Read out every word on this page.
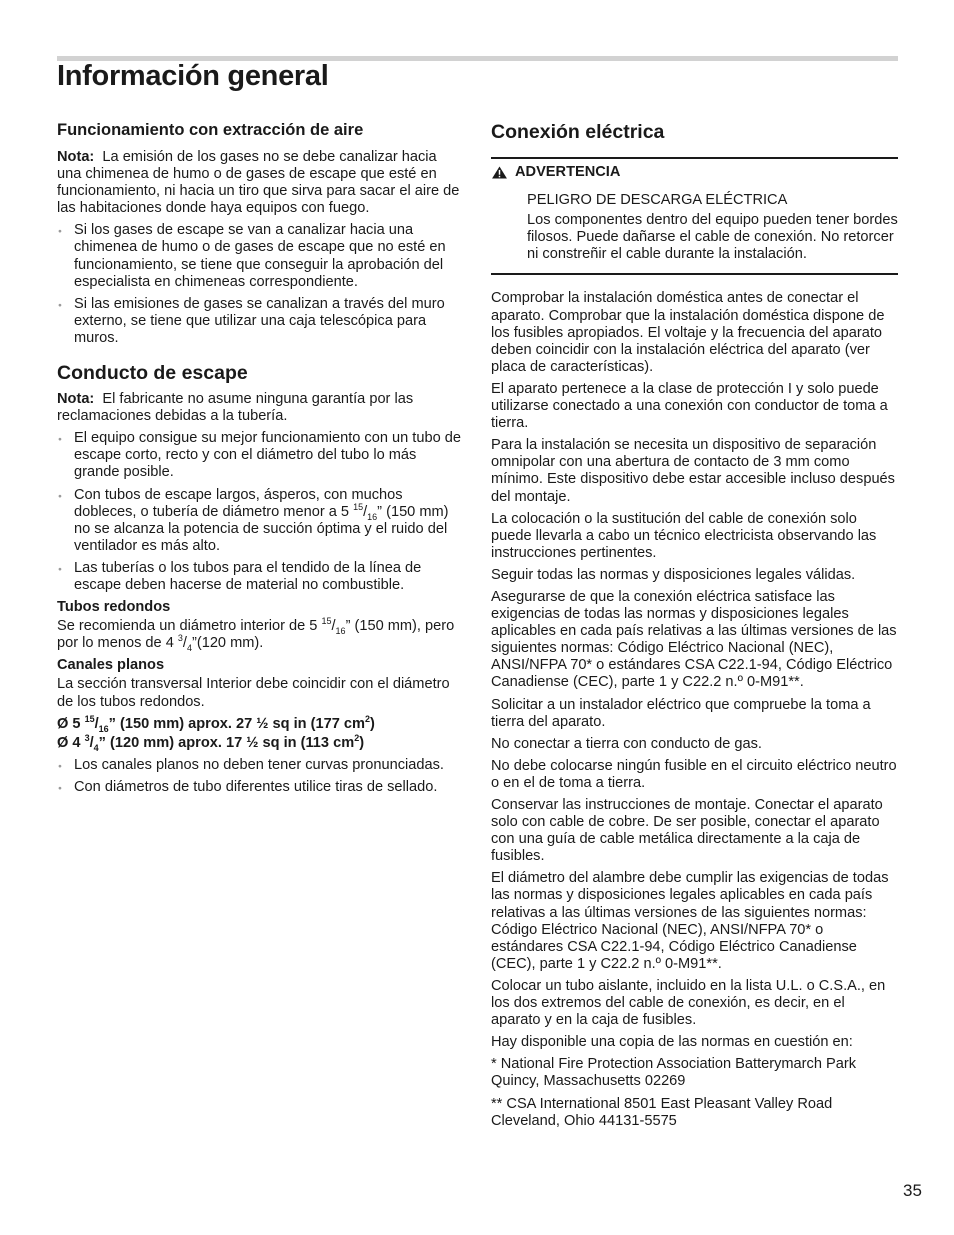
Información general
Funcionamiento con extracción de aire

Nota: La emisión de los gases no se debe canalizar hacia una chimenea de humo o de gases de escape que esté en funcionamiento, ni hacia un tiro que sirva para sacar el aire de las habitaciones donde haya equipos con fuego.

● Si los gases de escape se van a canalizar hacia una chimenea de humo o de gases de escape que no esté en funcionamiento, se tiene que conseguir la aprobación del especialista en chimeneas correspondiente.
● Si las emisiones de gases se canalizan a través del muro externo, se tiene que utilizar una caja telescópica para muros.
Conducto de escape

Nota: El fabricante no asume ninguna garantía por las reclamaciones debidas a la tubería.

● El equipo consigue su mejor funcionamiento con un tubo de escape corto, recto y con el diámetro del tubo lo más grande posible.
● Con tubos de escape largos, ásperos, con muchos dobleces, o tubería de diámetro menor a 5 $^{15}/_{16}$” (150 mm) no se alcanza la potencia de succión óptima y el ruido del ventilador es más alto.
● Las tuberías o los tubos para el tendido de la línea de escape deben hacerse de material no combustible.
Tubos redondos

Se recomienda un diámetro interior de 5 $^{15}/_{16}$” (150 mm), pero por lo menos de 4 $^3/_4”(120$ mm).

Canales planos

La sección transversal Interior debe coincidir con el diámetro de los tubos redondos.

Ø 5 $^{15}/_{16}$” (150 mm) aprox. 27 ½ sq in (177 $cm^2$)

Ø 4 $^3/_4$” (120 mm) aprox. 17 ½ sq in (113 $cm^2$)

● Los canales planos no deben tener curvas pronunciadas.
● Con diámetros de tubo diferentes utilice tiras de sellado.
Conexión eléctrica
ADVERTENCIA

PELIGRO DE DESCARGA ELÉCTRICA

Los componentes dentro del equipo pueden tener bordes filosos. Puede dañarse el cable de conexión. No retorcer ni constreñir el cable durante la instalación.

Comprobar la instalación doméstica antes de conectar el aparato. Comprobar que la instalación doméstica dispone de los fusibles apropiados. El voltaje y la frecuencia del aparato deben coincidir con la instalación eléctrica del aparato (ver placa de características).

El aparato pertenece a la clase de protección I y solo puede utilizarse conectado a una conexión con conductor de toma a tierra.

Para la instalación se necesita un dispositivo de separación omnipolar con una abertura de contacto de 3 mm como mínimo. Este dispositivo debe estar accesible incluso después del montaje.

La colocación o la sustitución del cable de conexión solo puede llevarla a cabo un técnico electricista observando las instrucciones pertinentes.

Seguir todas las normas y disposiciones legales válidas.

Asegurarse de que la conexión eléctrica satisface las exigencias de todas las normas y disposiciones legales aplicables en cada país relativas a las últimas versiones de las siguientes normas: Código Eléctrico Nacional (NEC), ANSI/NFPA 70* o estándares CSA C22.1-94, Código Eléctrico Canadiense (CEC), parte 1 y C22.2 n.º 0-M91**.

Solicitar a un instalador eléctrico que compruebe la toma a tierra del aparato.

No conectar a tierra con conducto de gas.

No debe colocarse ningún fusible en el circuito eléctrico neutro o en el de toma a tierra.

Conservar las instrucciones de montaje. Conectar el aparato solo con cable de cobre. De ser posible, conectar el aparato con una guía de cable metálica directamente a la caja de fusibles.

El diámetro del alambre debe cumplir las exigencias de todas las normas y disposiciones legales aplicables en cada país relativas a las últimas versiones de las siguientes normas: Código Eléctrico Nacional (NEC), ANSI/NFPA 70* o estándares CSA C22.1-94, Código Eléctrico Canadiense (CEC), parte 1 y C22.2 n.º 0-M91**.

Colocar un tubo aislante, incluido en la lista U.L. o C.S.A., en los dos extremos del cable de conexión, es decir, en el aparato y en la caja de fusibles.

Hay disponible una copia de las normas en cuestión en:

* National Fire Protection Association Batterymarch Park Quincy, Massachusetts 02269

** CSA International 8501 East Pleasant Valley Road Cleveland, Ohio 44131-5575

35
